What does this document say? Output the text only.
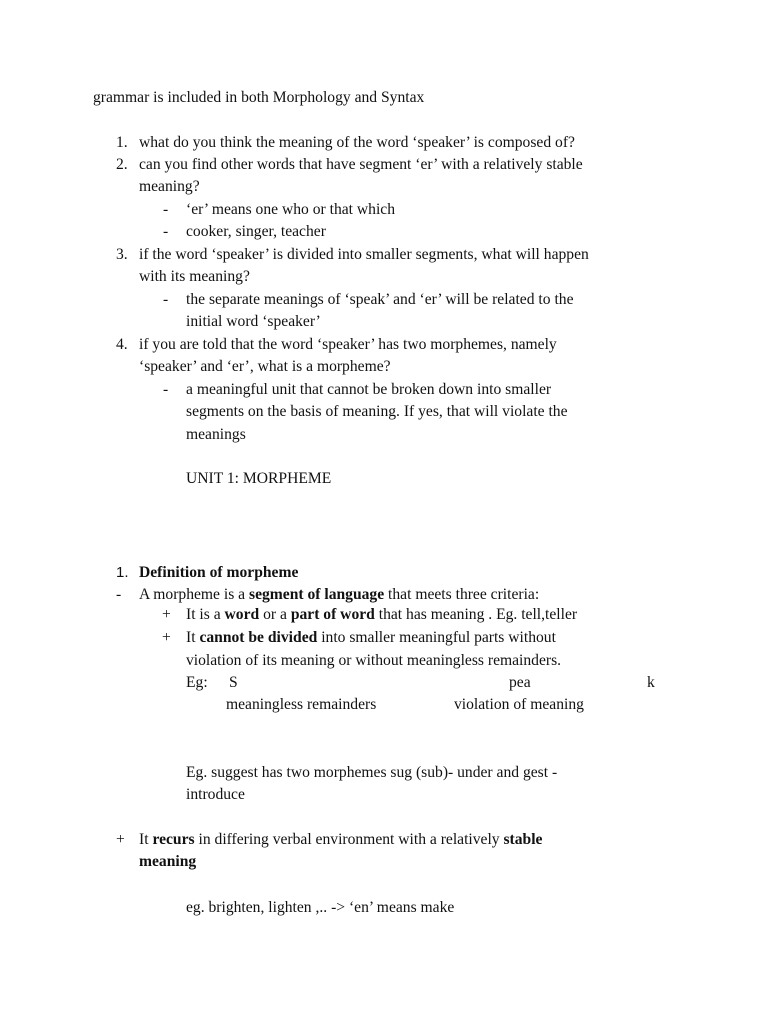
grammar is included in both Morphology and Syntax
1. what do you think the meaning of the word ‘speaker’ is composed of?
2. can you find other words that have segment ‘er’ with a relatively stable
meaning?
- ‘er’ means one who or that which
- cooker, singer, teacher
3. if the word ‘speaker’ is divided into smaller segments, what will happen
with its meaning?
- the separate meanings of ‘speak’ and ‘er’ will be related to the
initial word ‘speaker’
4. if you are told that the word ‘speaker’ has two morphemes, namely
‘speaker’ and ‘er’, what is a morpheme?
- a meaningful unit that cannot be broken down into smaller
segments on the basis of meaning. If yes, that will violate the
meanings
UNIT 1: MORPHEME
1. Definition of morpheme
- A morpheme is a segment of language that meets three criteria:
+ It is a word or a part of word that has meaning . Eg. tell,teller
+ It cannot be divided into smaller meaningful parts without
violation of its meaning or without meaningless remainders.
Eg: S	pea	k
meaningless remainders	violation of meaning
Eg. suggest has two morphemes sug (sub)- under and gest -
introduce
+ It recurs in differing verbal environment with a relatively stable
meaning
eg. brighten, lighten ,.. -> ‘en’ means make
